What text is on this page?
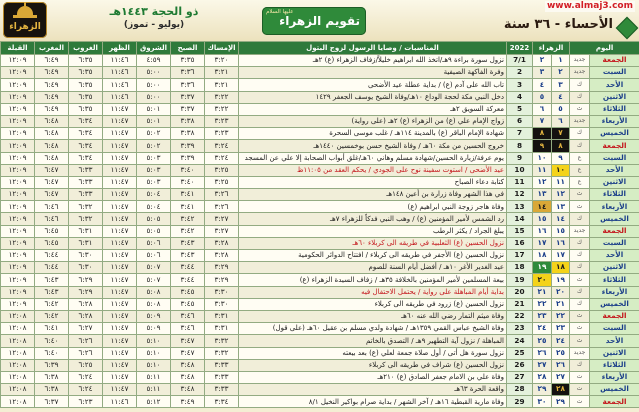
الزهراء
ذو الحجة ١٤٤٣هـ
(يوليو - تموز)	تقويم الزهراء
عليها السلام
الأحساء - ٣٦ سنة
www.almaj3.com
اليوم		الزهراء		2022	المناسبات / وصايا الرسول لزوج البتول	الإمساك	الصبح	الشروق	الظهر	الغروب	المغرب	القبلة
الجمعة	جديد	١	٢	7/1	نزول سورة براءة ٩هـ/اتخذ الله ابراهيم خليلاً/زفاف الزهراء (ع) ٢هـ	٣:٢٠	٣:٣٥	٤:٥٩	١١:٤٦	٦:٣٥	٦:٤٩	١٢:٠٩
السبت	جديد	٢	٣	2	وفرة الفاكهة الصيفية	٣:٢١	٣:٣٦	٥:٠٠	١١:٤٦	٦:٣٥	٦:٤٩	١٢:٠٩
الأحد	ك	٣	٤	3	تاب الله على آدم (ع) / بداية عطلة عيد الأضحى	٣:٢١	٣:٣٦	٥:٠٠	١١:٤٦	٦:٣٥	٦:٤٩	١٢:٠٩
الاثنين	ك	٤	٥	4	دخل النبي مكة لحجة الوداع ١٠هـ/وفاة الشيخ يوسف الجعفر ١٤٢٩	٣:٢٢	٣:٣٧	٥:٠٠	١١:٤٦	٦:٣٥	٦:٤٩	١٢:٠٩
الثلاثاء	ث	٥	٦	5	معركة السويق ٢هـ	٣:٢٢	٣:٣٧	٥:٠١	١١:٤٧	٦:٣٥	٦:٤٩	١٢:٠٩
الأربعاء	جديد	٦	٧	6	زواج الإمام علي (ع) من الزهراء (ع) ٢هـ (على رواية)	٣:٢٣	٣:٣٨	٥:٠١	١١:٤٧	٦:٣٤	٦:٤٨	١٢:٠٩
الخميس	ك	٧	٨	7	شهادة الإمام الباقر (ع) بالمدينة ١١٤هـ / غلب موسى السحرة	٣:٢٣	٣:٣٨	٥:٠٢	١١:٤٧	٦:٣٤	٦:٤٨	١٢:٠٩
الجمعة	ك	٨	٩	8	خروج الحسين من مكة ٦٠هـ / وفاة الشيخ حسن بوخمسين ١٤٤٠هـ	٣:٢٤	٣:٣٩	٥:٠٢	١١:٤٧	٦:٣٤	٦:٤٨	١٢:٠٩
السبت	ع	٩	١٠	9	يوم عرفة/زيارة الحسين/شهادة مسلم وهاني ٦٠هـ/غلق أبواب الصحابة إلا علي عن المسجد	٣:٢٤	٣:٣٩	٥:٠٣	١١:٤٧	٦:٣٤	٦:٤٨	١٢:٠٩
الأحد	ع	١٠	١١	10	عيد الأضحى / استوت سفينة نوح على الجودي / يحكم العقد من ١١:٠٥ظ	٣:٢٥	٣:٤٠	٥:٠٣	١١:٤٧	٦:٣٣	٦:٤٧	١٢:٠٩
الاثنين	ع	١١	١٢	11	كتابة دعاء الصباح	٣:٢٥	٣:٤٠	٥:٠٣	١١:٤٧	٦:٣٣	٦:٤٧	١٢:٠٩
الثلاثاء	ث	١٢	١٣	12	في هذا الشهر وفاة زرارة بن أعين ١٤٨هـ	٣:٢٦	٣:٤١	٥:٠٤	١١:٤٧	٦:٣٣	٦:٤٧	١٢:٠٩
الأربعاء	ث	١٣	١٤	13	وفاة هاجر زوجة النبي ابراهيم (ع)	٣:٢٦	٣:٤١	٥:٠٤	١١:٤٧	٦:٣٢	٦:٤٦	١٢:٠٩
الخميس	ك	١٤	١٥	14	رد الشمس لأمير المؤمنين (ع) / وهب النبي فدكاً للزهراء ٧هـ	٣:٢٧	٣:٤٢	٥:٠٥	١١:٤٧	٦:٣٢	٦:٤٦	١٢:٠٩
الجمعة	جديد	١٥	١٦	15	يبلغ الجراد / يكثر الرطب	٣:٢٧	٣:٤٢	٥:٠٥	١١:٤٧	٦:٣١	٦:٤٥	١٢:٠٩
السبت	ك	١٦	١٧	16	نزول الحسين (ع) الثعلبية في طريقه الى كربلاء ٦٠هـ	٣:٢٨	٣:٤٣	٥:٠٦	١١:٤٧	٦:٣١	٦:٤٥	١٢:٠٩
الأحد	ك	١٧	١٨	17	نزول الحسين (ع) الأجفر في طريقه الى كربلاء / افتتاح الدوائر الحكومية	٣:٢٨	٣:٤٣	٥:٠٦	١١:٤٧	٦:٣٠	٦:٤٤	١٢:٠٩
الاثنين	ك	١٨	١٩	18	عيد الغدير الأغر ١٠هـ / أفضل أيام السنة للصوم	٣:٢٩	٣:٤٤	٥:٠٧	١١:٤٧	٦:٣٠	٦:٤٤	١٢:٠٩
الثلاثاء	ث	١٩	٢٠	19	بيعة المسلمين لأمير المؤمنين بالخلافة ٣٥هـ / زفاف السيدة الزهراء (ع)	٣:٢٩	٣:٤٤	٥:٠٧	١١:٤٧	٦:٢٩	٦:٤٣	١٢:٠٩
الأربعاء	ك	٢٠	٢١	20	بداية أيام المباهلة على رواية / يحتمل الاحتفال فيه	٣:٣٠	٣:٤٥	٥:٠٨	١١:٤٧	٦:٢٩	٦:٤٣	١٢:٠٩
الخميس	ك	٢١	٢٢	21	نزول الحسين (ع) زرود في طريقه الى كربلاء	٣:٣٠	٣:٤٥	٥:٠٨	١١:٤٧	٦:٢٨	٦:٤٢	١٢:٠٩
الجمعة	ث	٢٢	٢٣	22	وفاة ميثم التمار رضي الله عنه ٦٠هـ	٣:٣١	٣:٤٦	٥:٠٩	١١:٤٧	٦:٢٨	٦:٤٢	١٢:٠٨
السبت	ث	٢٣	٢٤	23	وفاة الشيخ عباس القمي ١٣٥٩هـ / شهادة ولدي مسلم بن عقيل ٦٠هـ (على قول)	٣:٣١	٣:٤٦	٥:٠٩	١١:٤٧	٦:٢٧	٦:٤١	١٢:٠٨
الأحد	ث	٢٤	٢٥	24	المباهلة / نزول آية التطهير ٩هـ / التصدق بالخاتم	٣:٣٢	٣:٤٧	٥:١٠	١١:٤٧	٦:٢٦	٦:٤٠	١٢:٠٨
الاثنين	جديد	٢٥	٢٦	25	نزول سورة هل أتى / أول صلاة جمعة لعلي (ع) بعد بيعته	٣:٣٢	٣:٤٧	٥:١٠	١١:٤٧	٦:٢٦	٦:٤٠	١٢:٠٨
الثلاثاء	ك	٢٦	٢٧	26	نزول الحسين (ع) شراف في طريقه الى كربلاء	٣:٣٣	٣:٤٨	٥:١٠	١١:٤٧	٦:٢٥	٦:٣٩	١٢:٠٨
الأربعاء	ت	٢٧	٢٨	27	وفاة علي بن الامام جعفر الصادق (ع) ٢١٠هـ	٣:٣٣	٣:٤٨	٥:١١	١١:٤٧	٦:٢٤	٦:٣٨	١٢:٠٨
الخميس	ت	٢٨	٢٩	28	واقعة الحرة ٦٣هـ	٣:٣٣	٣:٤٨	٥:١١	١١:٤٧	٦:٢٤	٦:٣٨	١٢:٠٨
الجمعة	ت	٢٩	٣٠	29	وفاة مارية القبطية ١٦هـ / آخر الشهر / بداية صرام بواكير النخيل ٨/١	٣:٣٤	٣:٤٩	٥:١٢	١١:٤٦	٦:٢٣	٦:٣٧	١٢:٠٨
